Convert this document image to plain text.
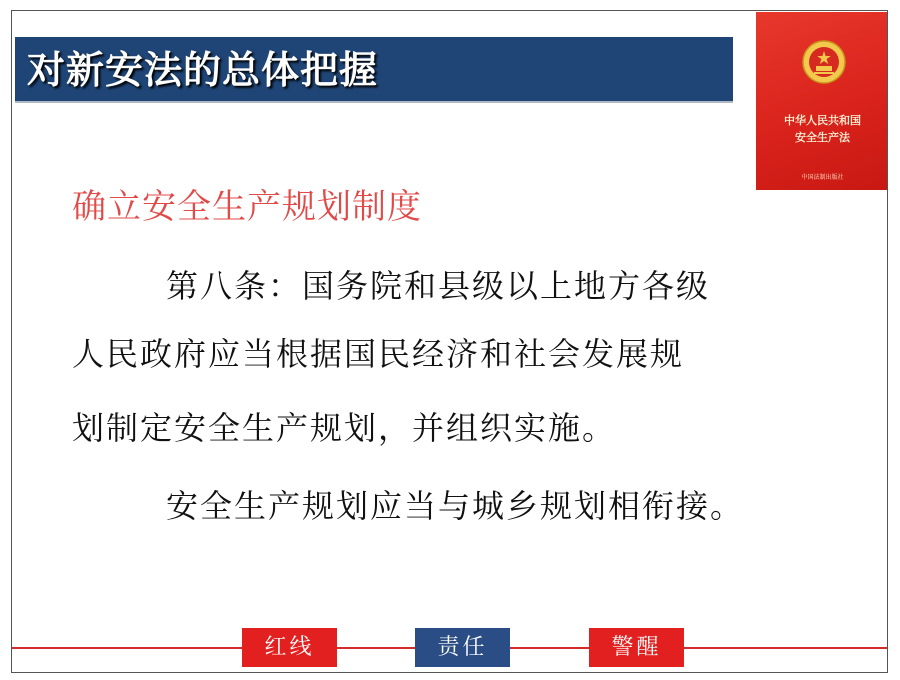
对新安法的总体把握
中华人民共和国
安全生产法
中国法制出版社
确立安全生产规划制度
第八条：国务院和县级以上地方各级
人民政府应当根据国民经济和社会发展规
划制定安全生产规划，并组织实施。
安全生产规划应当与城乡规划相衔接。
红线	责任	警醒
